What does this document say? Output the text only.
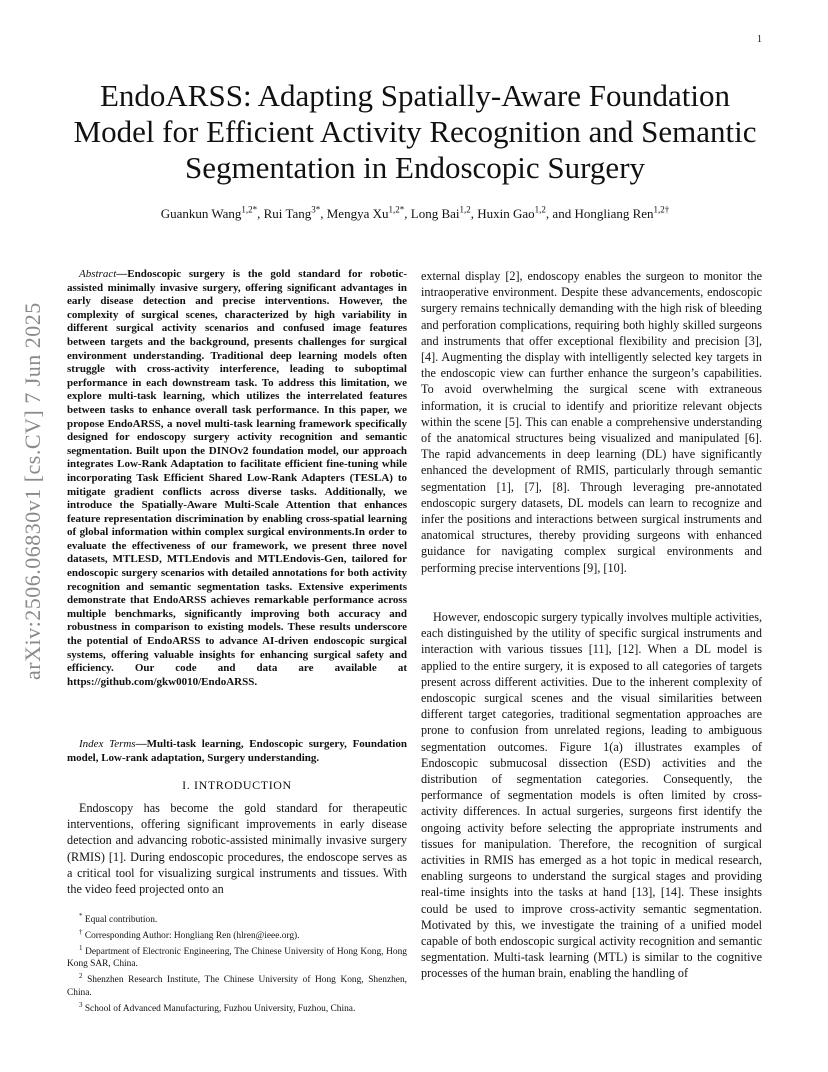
1
arXiv:2506.06830v1 [cs.CV] 7 Jun 2025
EndoARSS: Adapting Spatially-Aware Foundation Model for Efficient Activity Recognition and Semantic Segmentation in Endoscopic Surgery
Guankun Wang$^{1,2*}$, Rui Tang$^{3*}$, Mengya $Xu^{1,2*}$, Long Bai$^{1,2}$, Huxin Gao$^{1,2}$, and Hongliang Ren$^{1,2\dagger}$

Abstract—Endoscopic surgery is the gold standard for robotic-assisted minimally invasive surgery, offering significant advantages in early disease detection and precise interventions. However, the complexity of surgical scenes, characterized by high variability in different surgical activity scenarios and confused image features between targets and the background, presents challenges for surgical environment understanding. Traditional deep learning models often struggle with cross-activity interference, leading to suboptimal performance in each downstream task. To address this limitation, we explore multi-task learning, which utilizes the interrelated features between tasks to enhance overall task performance. In this paper, we propose EndoARSS, a novel multi-task learning framework specifically designed for endoscopy surgery activity recognition and semantic segmentation. Built upon the DINOv2 foundation model, our approach integrates Low-Rank Adaptation to facilitate efficient fine-tuning while incorporating Task Efficient Shared Low-Rank Adapters (TESLA) to mitigate gradient conflicts across diverse tasks. Additionally, we introduce the Spatially-Aware Multi-Scale Attention that enhances feature representation discrimination by enabling cross-spatial learning of global information within complex surgical environments.In order to evaluate the effectiveness of our framework, we present three novel datasets, MTLESD, MTLEndovis and MTLEndovis-Gen, tailored for endoscopic surgery scenarios with detailed annotations for both activity recognition and semantic segmentation tasks. Extensive experiments demonstrate that EndoARSS achieves remarkable performance across multiple benchmarks, significantly improving both accuracy and robustness in comparison to existing models. These results underscore the potential of EndoARSS to advance AI-driven endoscopic surgical systems, offering valuable insights for enhancing surgical safety and efficiency. Our code and data are available at https://github.com/gkw0010/EndoARSS.

Index Terms—Multi-task learning, Endoscopic surgery, Foundation model, Low-rank adaptation, Surgery understanding.

I. INTRODUCTION

Endoscopy has become the gold standard for therapeutic interventions, offering significant improvements in early disease detection and advancing robotic-assisted minimally invasive surgery (RMIS) [1]. During endoscopic procedures, the endoscope serves as a critical tool for visualizing surgical instruments and tissues. With the video feed projected onto an

* Equal contribution.

† Corresponding Author: Hongliang Ren (hlren@ieee.org).

$^1$ Department of Electronic Engineering, The Chinese University of Hong Kong, Hong Kong SAR, China.

$^2$ Shenzhen Research Institute, The Chinese University of Hong Kong, Shenzhen, China.

$^3$ School of Advanced Manufacturing, Fuzhou University, Fuzhou, China.

external display [2], endoscopy enables the surgeon to monitor the intraoperative environment. Despite these advancements, endoscopic surgery remains technically demanding with the high risk of bleeding and perforation complications, requiring both highly skilled surgeons and instruments that offer exceptional flexibility and precision [3], [4]. Augmenting the display with intelligently selected key targets in the endoscopic view can further enhance the surgeon’s capabilities. To avoid overwhelming the surgical scene with extraneous information, it is crucial to identify and prioritize relevant objects within the scene [5]. This can enable a comprehensive understanding of the anatomical structures being visualized and manipulated [6]. The rapid advancements in deep learning (DL) have significantly enhanced the development of RMIS, particularly through semantic segmentation [1], [7], [8]. Through leveraging pre-annotated endoscopic surgery datasets, DL models can learn to recognize and infer the positions and interactions between surgical instruments and anatomical structures, thereby providing surgeons with enhanced guidance for navigating complex surgical environments and performing precise interventions [9], [10].

However, endoscopic surgery typically involves multiple activities, each distinguished by the utility of specific surgical instruments and interaction with various tissues [11], [12]. When a DL model is applied to the entire surgery, it is exposed to all categories of targets present across different activities. Due to the inherent complexity of endoscopic surgical scenes and the visual similarities between different target categories, traditional segmentation approaches are prone to confusion from unrelated regions, leading to ambiguous segmentation outcomes. Figure 1(a) illustrates examples of Endoscopic submucosal dissection (ESD) activities and the distribution of segmentation categories. Consequently, the performance of segmentation models is often limited by cross-activity differences. In actual surgeries, surgeons first identify the ongoing activity before selecting the appropriate instruments and tissues for manipulation. Therefore, the recognition of surgical activities in RMIS has emerged as a hot topic in medical research, enabling surgeons to understand the surgical stages and providing real-time insights into the tasks at hand [13], [14]. These insights could be used to improve cross-activity semantic segmentation. Motivated by this, we investigate the training of a unified model capable of both endoscopic surgical activity recognition and semantic segmentation. Multi-task learning (MTL) is similar to the cognitive processes of the human brain, enabling the handling of
